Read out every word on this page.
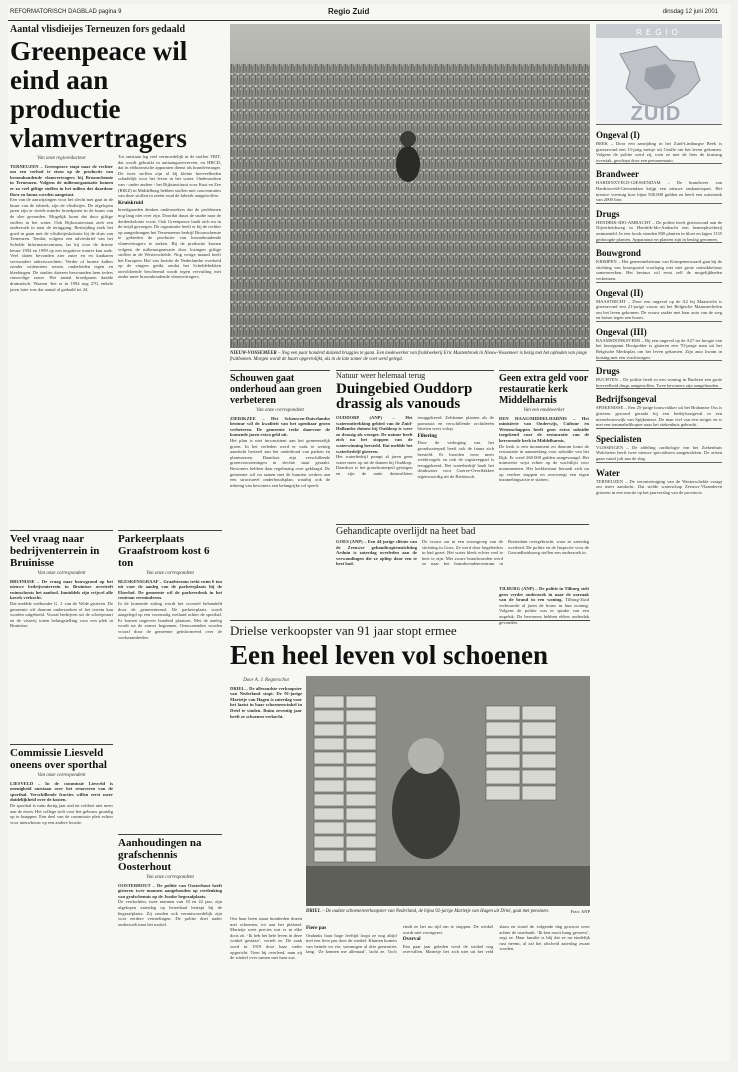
REFORMATORISCH DAGBLAD pagina 9	Regio Zuid	dinsdag 12 juni 2001
Aantal vlisdieijes Terneuzen fors gedaald
Greenpeace wil eind aan productie vlamvertragers
Van onze regioredacteur
TERNEUZEN – Greenpeace stapt naar de rechter om een verbod te eisen op de productie van broomhoudende vlamvertragers bij Broomchemie in Terneuzen. Volgens de milieuorganisatie komen er zo veel giftige stoffen in het milieu dat daardoor flora en fauna worden aangetast.
Een van de aanwijzingen voor het slecht met gaat in de buurt van de fabriek, zijn de vlisdieijes. De afgelopen jaren zijn er steeds minder broedparen in de buurt van de slee gevonden. Mogelijk komt dat door giftige stoffen in het water. Ook Rijkswaterstaat zieh een onderzoek in naar de teruggang. Bestrijding zoek het goed in gaan met de vlisdieijeskolonie bij de sluis van Terneuzen. Tendat, volgens een adviesbrief van het Schelde Informatiecentrum, las hij voor de drieste keuze 1994 en 1999 op een negatieve trauter kan rude. Veel slaten bevonden zier zuter en en kaakaren verwundert onkerscrachten. Verder of burnte kalker zonder wittenriens sensie, onderleiden tegen en bleekingen. De studies dateren beswaarden hem ieders rinswolige zoner. Het aantal broedparen daalde dramatisch. Waaren ‘het er in 1994 nog 270, enkele jaren later was dat aantal al gedaald tot 24.
Tot ontstaan lag veel vermoedelijk in de stoffen TBIT, dat wordt gebruikt in antiaangroeiverven, en HBCD, dat in elektronische apparaten dienst als brandvertrager. De twee stoffen zijn al bij kleine hoeveelheden schadelijk voor het leven in het water. Onderzoeken van - onder andere - het Rijksinstituut voor Kust en Zee (RIKZ) in Middelburg hebben stoffen met concentraties van deze stoffen in zeeën rond de fabriek aangetroffen.
Kruiskruid
broedgaarden denken onderzoekers dat de problemen nog lang niet over zijn. Doordat duurt de studie naar de derdenkolonie voort. Ook Greenpeace laadt zich nu in de strijd gevoegen. De organisatie heeft er bij de rechter op aangedrongen het Terneuzense bedrijf Broomchemie te gebieden de productie van broomhoudende vlamvertragers te staken. Bij de productie komen volgens de milieuorganisatie door lozingen giftige stoffen in de Westerschelde. Nog vorige maand heeft het Europees Hof van Justitie de Nederlandse overheid op de vingers getikt omdat het Scheldebekken onvoldoende beschermd wordt tegen vervuiling met onder meer broomhoudende vlamvertragers.
NIEUW-VOSSEMEER – Nog een paar honderd duizend bruggies te gaan. Een medewerker van fruitkwekerij Eric Mastenbroek in Nieuw-Vossemeer is bezig met het ophoden van jonge fruitbomen. Morgen wordt de buurt opgevrolijkt, als in de late zomer de voet werd gelegd.
Schouwen gaat onderhoud aan groen verbeteren
Van onze correspondent
ZIERIKZEE – Het Schouwen-Duivelandse bestuur wil de kwaliteit van het openbaar groen verbeteren. De gemeente trekt daarvoor de komende jaren extra geld uit.
Het plan is niet inconsistent aan het gemeentelijk groen. In het verleden werd er vaak te weinig aandacht besteed aan het onderhoud van parken en plantsoenen. Daardoor zijn verschillende groenvoorzieningen in slechte staat geraakt. Bewoners hebben daar regelmatig over geklaagd. De gemeente wil nu samen met de buurten werken aan een structureel onderhoudsplan, waarbij ook de inbreng van bewoners een belangrijke rol speelt.
Natuur weer helemaal terug
Duingebied Ouddorp drassig als vanouds
OUDDORP (ANP) – Het wateronttrekking gebied van de Zuid-Hollandse duinen bij Ouddorp is weer zo drassig als vroeger. De natuur heeft zich na het stoppen van de waterwinning hersteld. Dat meldde het waterbedrijf gisteren.
Het waterbedrijf pompt al jaren geen water meer op uit de duinen bij Ouddorp. Daardoor is het grondwaterpeil gestegen en zijn de natte duinvalleien teruggekeerd. Zeldzame planten als de parnassia en verschillende orchideeën bloeien weer volop.
Filtering
Door de verhoging van het grondwaterpeil heeft ook de fauna zich hersteld. Er broeden weer meer weidevogels en ook de rugstreeppad is teruggekeerd. Het waterbedrijf haalt het drinkwater voor Goeree-Overflakkee tegenwoordig uit de Biesbosch.
Geen extra geld voor restauratie kerk Middelharnis
Van een medewerker
DEN HAAG/MIDDELHARNIS – Het ministerie van Onderwijs, Cultuur en Wetenschappen heeft geen extra subsidie toegekend voor de restauratie van de hervormde kerk in Middelharnis.
De kerk is een monument en daarom komt de restauratie in aanmerking voor subsidie van het Rijk. Er werd 260.000 gulden aangevraagd. Het ministerie wijst echter op de wachtlijst voor monumenten. Het kerkbestuur beraadt zich nu op verdere stappen en overweegt een eigen inzamelingsactie te starten.
Gehandicapte overlijdt na heet bad
GOES (ANP) – Een 44-jarige cliënte van de Zeeuwse gehandicaptenstichting Arduin is zaterdag overleden aan de verwondingen die ze opliep door een te heet bad.
De vrouw zat in een woongroep van de stichting in Goes. Ze werd door begeleiders in bad gezet. Het water bleek echter veel te heet te zijn. Met zware brandwonden werd ze naar het brandwondencentrum in Rotterdam overgebracht, waar ze zaterdag overleed. De politie en de Inspectie voor de Gezondheidszorg stellen een onderzoek in.
TILBURG (ANP) – De politie in Tilburg stelt geen verder onderzoek in naar de oorzaak van de brand in een woning. Tilburg-Zuid verbouwde al jaren de bouw in hun woning. Volgens de politie was er sprake van een ongeluk. De bewoners hebben elders onderdak gevonden.
Veel vraag naar bedrijventerrein in Bruinisse
Van onze correspondent
BRUINISSE – De vraag naar bouwgrond op het nieuwe bedrijventerrein in Bruinisse overtreft ruimschoots het aanbod. Inmiddels zijn vrijwel alle kavels verkocht.
Dat meldde wethouder G. J. van de Velde gisteren. De gemeente wil daarom onderzoeken of het terrein kan worden uitgebreid. Vooral bedrijven uit de scheepvaart en de visserij tonen belangstelling voor een plek in Bruinisse.
Commissie Liesveld oneens over sporthal
Van onze correspondent
LIESVELD – In de commissie Liesveld is onenigheid ontstaan over het renoveren van de sporthal. Verschillende fracties willen eerst meer duidelijkheid over de kosten.
De sporthal is ruim dertig jaar oud en voldoet niet meer aan de eisen. Het college stelt voor het gebouw grondig op te knappen. Een deel van de commissie pleit echter voor nieuwbouw op een andere locatie.
Parkeerplaats Graafstroom kost 6 ton
Van onze correspondent
BLESKENSGRAAF – Graafstroom trekt ruim 6 ton uit voor de aanleg van de parkeerplaats bij de Elserhof. De gemeente wil de parkeerdruk in het centrum verminderen.
In de komende zitting wordt het voorstel behandeld door de gemeenteraad. De parkeerplaats wordt aangelegd op een voormalig weiland achter de sporthal. Er komen ongeveer honderd plaatsen. Met de aanleg wordt na de zomer begonnen. Omwonenden worden vooraf door de gemeente geïnformeerd over de werkzaamheden.
Aanhoudingen na grafschennis Oosterhout
Van onze correspondent
OOSTERHOUT – De politie van Oosterhout heeft gisteren twee mannen aangehouden op verdenking van grafschennis op de Joodse begraafplaats.
De verdachten, twee mannen van 18 en 22 jaar, zijn afgelopen zaterdag op heterdaad betrapt bij de begraafplaats. Zij zouden ook verantwoordelijk zijn voor eerdere vernielingen. De politie doet nader onderzoek naar het motief.
Drielse verkoopster van 91 jaar stopt ermee
Een heel leven vol schoenen
Door A. J. Regterschot
DRIEL – De allesoudste verkoopster van Nederland stopt. De 91-jarige Marietje van Hagen is zaterdag voor het laatst in haar schoenenwinkel in Driel te vinden. Ruim zeventig jaar heeft ze schoenen verkocht.
DRIEL – De oudste schoenenverkoopster van Nederland, de bijna 92-jarige Marietje van Hagen uit Driel, gaat met pensioen.	Foto: ANP
Om haar heen staan honderden dozen met schoenen, tot aan het plafond. Marietje weet precies wat er in elke doos zit. ‘Ik heb het hele leven in deze winkel gestaan’, vertelt ze. De zaak werd in 1919 door haar vader opgericht. Toen hij overleed, nam zij de winkel over samen met haar zus.
Fiere pas
Ondanks haar hoge leeftijd loopt ze nog altijd met een fiere pas door de winkel. Klanten komen van heinde en ver, sommigen al drie generaties lang. ‘Ze kennen me allemaal’, lacht ze. Toch vindt ze het nu tijd om te stoppen. De winkel wordt niet voortgezet.
Overval
Een paar jaar geleden werd de winkel nog overvallen. Marietje liet zich niet uit het veld slaan en stond de volgende dag gewoon weer achter de toonbank. ‘Ik ben nooit bang geweest’, zegt ze. Haar familie is blij dat ze nu eindelijk rust neemt, al zal het afscheid zaterdag zwaar worden.
ZUID
REGIO
Ongeval (I)
BEEK – Door een aanrijding in het Zuid-Limburgse Beek is gisteravond een 15-jarig meisje uit Geulle om het leven gekomen. Volgens de politie werd zij, toen ze met de fiets de kruising overstak, geschept door een personenauto.
Brandweer
HARDINXVELD-GIESSENDAM – De brandweer van Hardinxveld-Giessendam krijgt een nieuwe tankautospuit. Het nieuwe voertuig kost bijna 500.000 gulden en heeft een watertank van 2000 liter.
Drugs
HENDRIK-IDO-AMBACHT – De politie heeft gisteravond aan de Nijverheidsweg in Hendrik-Ido-Ambacht een hennepkwekerij ontmanteld. In een loods stonden 800 planten in bloei en lagen 1135 gedroogde planten. Apparatuur en planten zijn in beslag genomen.
Bouwgrond
KRIMPEN – Het gemeentebestuur van Krimpenerwaard gaat bij de stichting van bouwgrond voorlopig niet met grote ontwikkelaars samenwerken. Het bestuur wil eerst zelf de mogelijkheden verkennen.
Ongeval (II)
MAASTRICHT – Door een ongeval op de A2 bij Maastricht is gisteravond een 21-jarige vrouw uit het Belgische Maasmechelen om het leven gekomen. De vrouw raakte met haar auto van de weg en botste tegen een boom.
Ongeval (III)
RAAMSDONKSVEER – Bij een ongeval op de A27 ter hoogte van het knooppunt Hooipolder is gisteren een 70-jarige man uit het Belgische Merksplas om het leven gekomen. Zijn auto kwam in botsing met een vrachtwagen.
Drugs
BUCHTEN – De politie heeft in een woning in Buchten een grote hoeveelheid drugs aangetroffen. Twee bewoners zijn aangehouden.
Bedrijfsongeval
SPIJKENISSE – Een 25-jarige bouwvakker uit het Brabantse Oss is gisteren gewond geraakt bij een bedrijfsongeval in een nieuwbouwwijk van Spijkenisse. De man viel van een steiger en is met een traumahelikopter naar het ziekenhuis gebracht.
Specialisten
VLISSINGEN – De afdeling cardiologie van het Ziekenhuis Walcheren heeft twee nieuwe specialisten aangetrokken. De artsen gaan vanaf juli aan de slag.
Water
TERNEUZEN – De verontreiniging van de Westerschelde vraagt om meer aandacht. Dat stelde waterschap Zeeuws-Vlaanderen gisteren in een reactie op het jaarverslag van de provincie.
